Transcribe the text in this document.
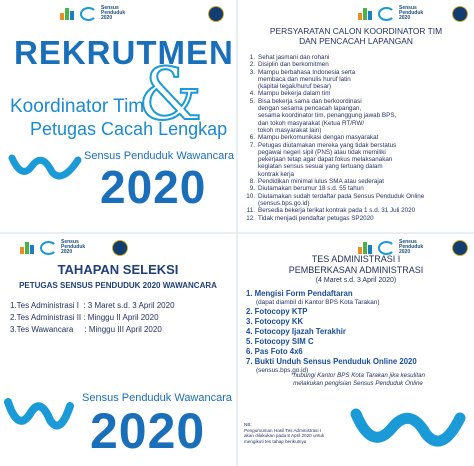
Sensus
Penduduk
2020
REKRUTMEN
&
Koordinator Tim
Petugas Cacah Lengkap
Sensus Penduduk Wawancara
2020
Sensus
Penduduk
2020
PERSYARATAN CALON KOORDINATOR TIM
DAN PENCACAH LAPANGAN
1. Sehat jasmani dan rohani
2. Disiplin dan berkomitmen
3. Mampu berbahasa Indonesia serta
membaca dan menulis huruf latin
(kapital tegak/huruf besar)
4. Mampu bekerja dalam tim
5. Bisa bekerja sama dan berkoordinasi
dengan sesama pencacah lapangan,
sesama koordinator tim, penanggung jawab BPS,
dan tokoh masyarakat (Ketua RT/RW/
tokoh masyarakat lain)
6. Mampu berkomunikasi dengan masyarakat
7. Petugas diutamakan mereka yang tidak berstatus
pegawai negeri sipil (PNS) atau tidak memiliki
pekerjaan tetap agar dapat fokus melaksanakan
kegiatan sensus sesuai yang tertuang dalam
kontrak kerja
8. Pendidikan minimal lulus SMA atau sederajat
9. Diutamakan berumur 18 s.d. 55 tahun
10. Diutamakan sudah terdaftar pada Sensus Penduduk Online
(sensus.bps.go.id)
11. Bersedia bekerja terikat kontrak pada 1 s.d. 31 Juli 2020
12. Tidak menjadi pendaftar petugas SP2020
Sensus
Penduduk
2020
TAHAPAN SELEKSI
PETUGAS SENSUS PENDUDUK 2020 WAWANCARA
1.Tes Administrasi I  : 3 Maret s.d. 3 April 2020
2.Tes Administrasi II : Minggu II April 2020
3.Tes Wawancara     : Minggu III April 2020
Sensus Penduduk Wawancara
2020
Sensus
Penduduk
2020
TES ADMINISTRASI I
PEMBERKASAN ADMINISTRASI
(4 Maret s.d. 3 April 2020)
1. Mengisi Form Pendaftaran
(dapat diambil di Kantor BPS Kota Tarakan)
2. Fotocopy KTP
3. Fotocopy KK
4. Fotocopy Ijazah Terakhir
5. Fotocopy SIM C
6. Pas Foto 4x6
7. Bukti Unduh Sensus Penduduk Online 2020
(sensus.bps.go.id)
*hubungi Kantor BPS Kota Tarakan jika kesulitan
melakukan pengisian Sensus Penduduk Online
NB:
Pengumuman Hasil Tes Administrasi I akan dilakukan pada 8 April 2020 untuk mengikuti tes tahap berikutnya
